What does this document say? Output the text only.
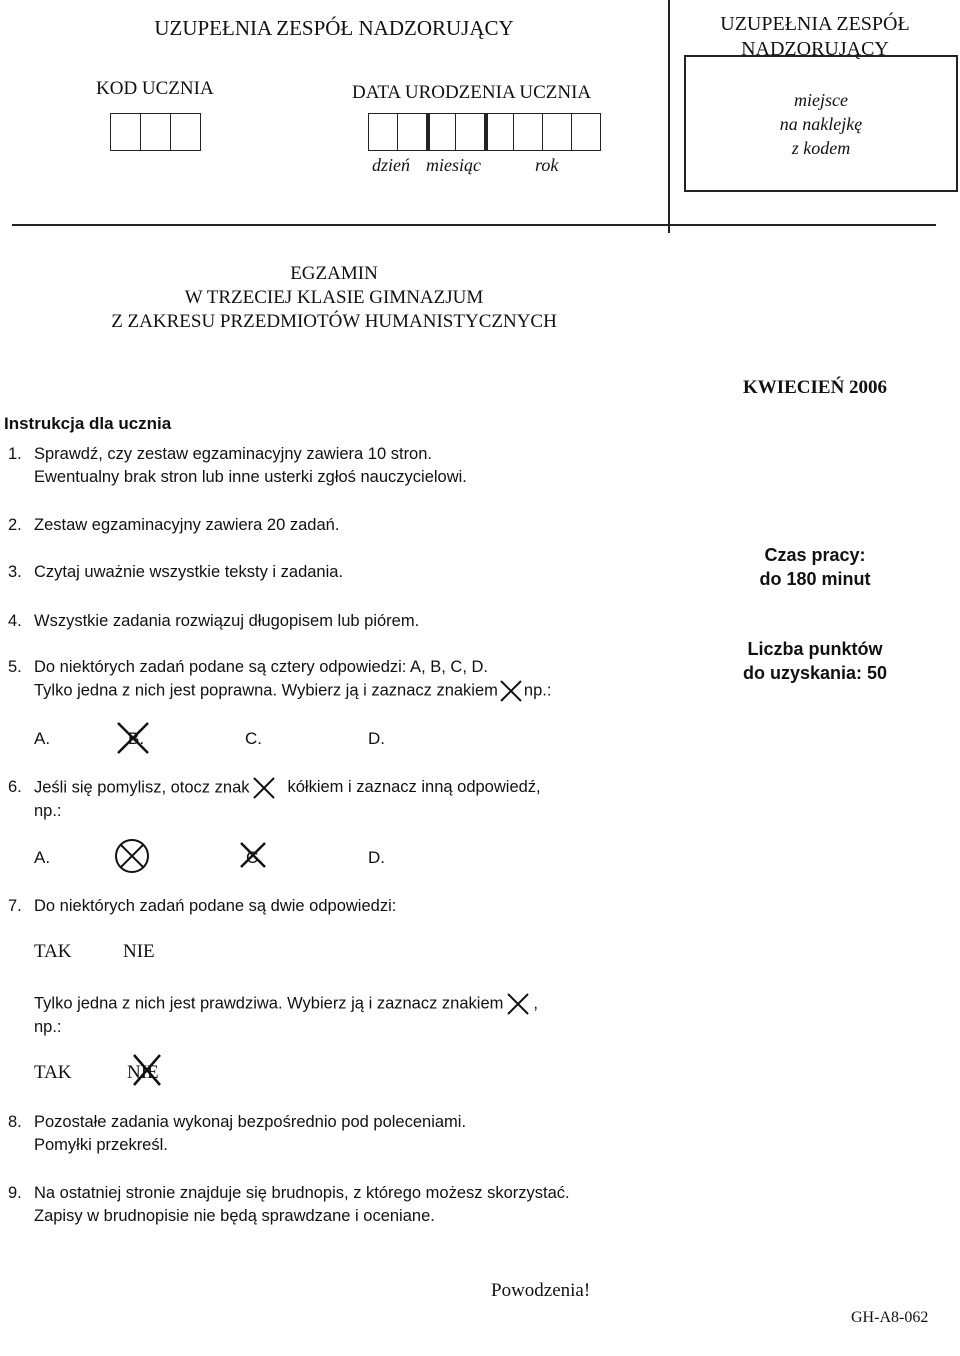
UZUPEŁNIA ZESPÓŁ NADZORUJĄCY
KOD UCZNIA	DATA URODZENIA UCZNIA
dzień miesiąc	rok
UZUPEŁNIA ZESPÓŁ
NADZORUJĄCY
miejsce
na naklejkę
z kodem
EGZAMIN
W TRZECIEJ KLASIE GIMNAZJUM
Z ZAKRESU PRZEDMIOTÓW HUMANISTYCZNYCH
KWIECIEŃ 2006
Czas pracy:
do 180 minut
Liczba punktów
do uzyskania: 50
Instrukcja dla ucznia
1. Sprawdź, czy zestaw egzaminacyjny zawiera 10 stron.
Ewentualny brak stron lub inne usterki zgłoś nauczycielowi.
2. Zestaw egzaminacyjny zawiera 20 zadań.
3. Czytaj uważnie wszystkie teksty i zadania.
4. Wszystkie zadania rozwiązuj długopisem lub piórem.
5. Do niektórych zadań podane są cztery odpowiedzi: A, B, C, D.
Tylko jedna z nich jest poprawna. Wybierz ją i zaznacz znakiem np.:
A.	B.	C.	D.
6. Jeśli się pomylisz, otocz znak kółkiem i zaznacz inną odpowiedź,
np.:
A.	C.	D.
7. Do niektórych zadań podane są dwie odpowiedzi:
TAK	NIE
Tylko jedna z nich jest prawdziwa. Wybierz ją i zaznacz znakiem ,
np.:
TAK	NIE
8. Pozostałe zadania wykonaj bezpośrednio pod poleceniami.
Pomyłki przekreśl.
9. Na ostatniej stronie znajduje się brudnopis, z którego możesz skorzystać.
Zapisy w brudnopisie nie będą sprawdzane i oceniane.
Powodzenia!
GH-A8-062
